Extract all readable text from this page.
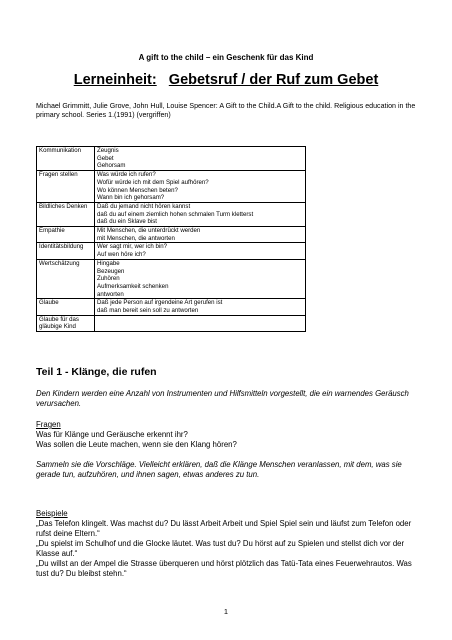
A gift to the child – ein Geschenk für das Kind
Lerneinheit: Gebetsruf / der Ruf zum Gebet
Michael Grimmitt, Julie Grove, John Hull, Louise Spencer: A Gift to the Child.A Gift to the child. Religious education in the primary school. Series 1.(1991) (vergriffen)
Kommunikation	Zeugnis
Gebet
Gehorsam

Fragen stellen	Was würde ich rufen?
Wofür würde ich mit dem Spiel aufhören?
Wo können Menschen beten?
Wann bin ich gehorsam?

Bildliches Denken	Daß du jemand nicht hören kannst
daß du auf einem ziemlich hohen schmalen Turm kletterst
daß du ein Sklave bist

Empathie	Mit Menschen, die unterdrückt werden
mit Menschen, die antworten

Identitätsbildung	Wer sagt mir, wer ich bin?
Auf wen höre ich?

Wertschätzung	Hingabe
Bezeugen
Zuhören
Aufmerksamkeit schenken
antworten

Glaube	Daß jede Person auf irgendeine Art gerufen ist
daß man bereit sein soll zu antworten

Glaube für das gläubige Kind	

Teil 1 - Klänge, die rufen
Den Kindern werden eine Anzahl von Instrumenten und Hilfsmitteln vorgestellt, die ein warnendes Geräusch verursachen.
Fragen
Was für Klänge und Geräusche erkennt ihr?
Was sollen die Leute machen, wenn sie den Klang hören?
Sammeln sie die Vorschläge. Vielleicht erklären, daß die Klänge Menschen veranlassen, mit dem, was sie gerade tun, aufzuhören, und ihnen sagen, etwas anderes zu tun.
Beispiele
„Das Telefon klingelt. Was machst du? Du lässt Arbeit Arbeit und Spiel Spiel sein und läufst zum Telefon oder rufst deine Eltern.“
„Du spielst im Schulhof und die Glocke läutet. Was tust du? Du hörst auf zu Spielen und stellst dich vor der Klasse auf.“
„Du willst an der Ampel die Strasse überqueren und hörst plötzlich das Tatü-Tata eines Feuerwehrautos. Was tust du? Du bleibst stehn.“
1
